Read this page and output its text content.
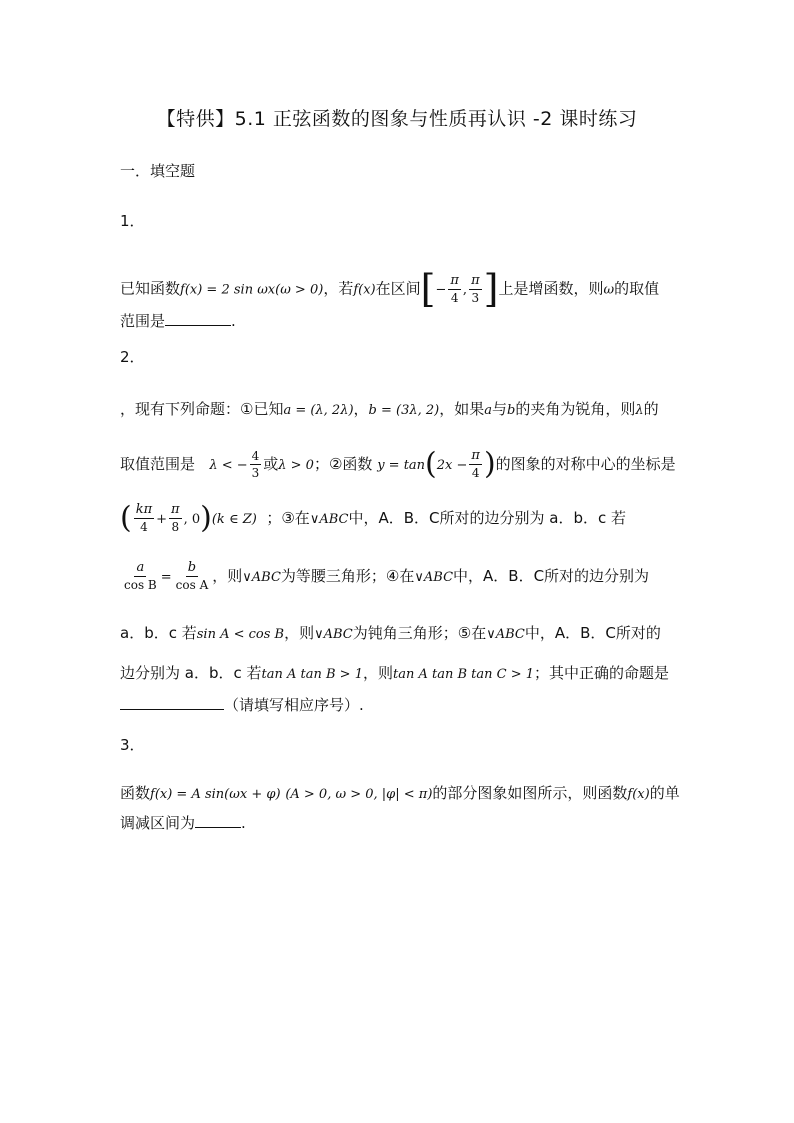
【特供】5.1 正弦函数的图象与性质再认识 -2 课时练习
一．填空题
1．
已知函数f(x) = 2 sin ωx(ω > 0)，若f(x)在区间[− $\frac{\pi}{4}$ , $\frac{\pi}{3}$ ]上是增函数，则ω的取值
范围是	.
2．
，现有下列命题：①已知a = (λ, 2λ)，b = (3λ, 2)，如果a与b的夹角为锐角，则λ的
取值范围是 λ < − $\frac{4}{3}$ 或λ > 0；②函数 $y = \tan(2x - \frac{\pi}{4}$ )的图象的对称中心的坐标是
( $\frac{k\pi}{4} + \frac{\pi}{8}$ , 0)(k ∈ Z) ；③在∨ABC中，A．B．C所对的边分别为 a．b．c 若
$\frac{a}{\text{cos B}} = \frac{b}{\text{cos A}}$ ，则∨ABC为等腰三角形；④在∨ABC中，A．B．C所对的边分别为
a．b．c 若sin A < cos B，则∨ABC为钝角三角形；⑤在∨ABC中，A．B．C所对的
边分别为 a．b．c 若tan A tan B > 1，则tan A tan B tan C > 1；其中正确的命题是
（请填写相应序号）.
3．
函数f(x) = A sin(ωx + φ) (A > 0, ω > 0, |φ| < π)的部分图象如图所示，则函数f(x)的单
调减区间为	.
